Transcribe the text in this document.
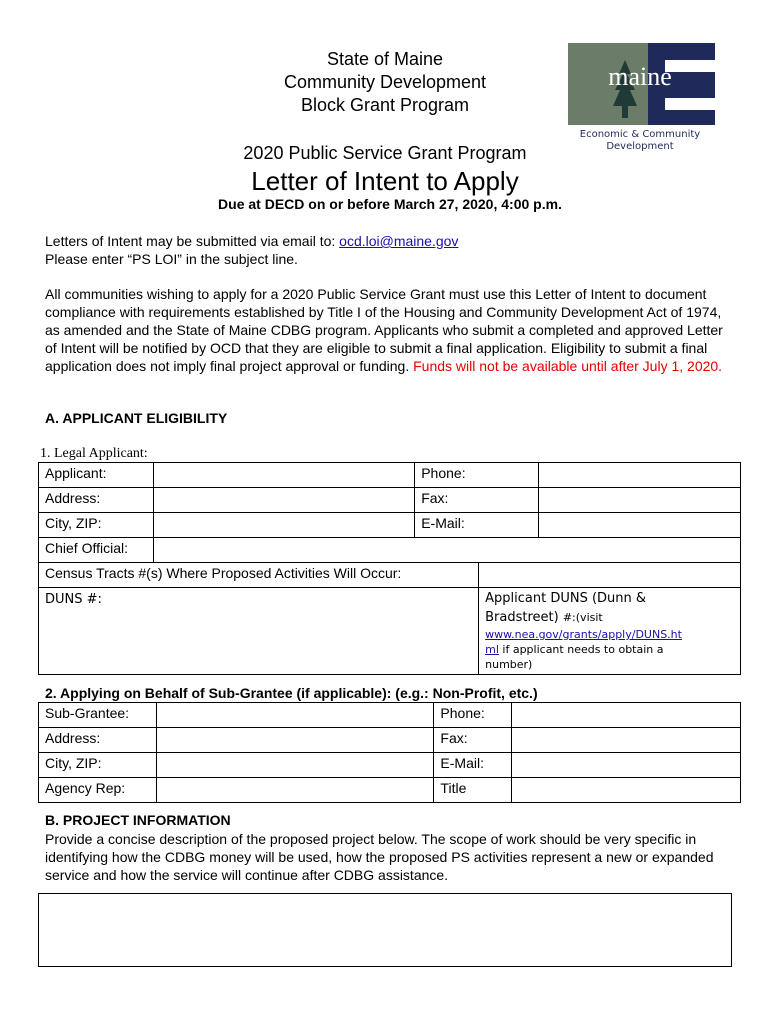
State of Maine
Community Development
Block Grant Program
2020 Public Service Grant Program
Letter of Intent to Apply
Due at DECD on or before March 27, 2020, 4:00 p.m.
maine
Economic & Community
Development
Letters of Intent may be submitted via email to: ocd.loi@maine.gov
Please enter “PS LOI” in the subject line.
All communities wishing to apply for a 2020 Public Service Grant must use this Letter of Intent to document compliance with requirements established by Title I of the Housing and Community Development Act of 1974, as amended and the State of Maine CDBG program. Applicants who submit a completed and approved Letter of Intent will be notified by OCD that they are eligible to submit a final application. Eligibility to submit a final application does not imply final project approval or funding. Funds will not be available until after July 1, 2020.
A. APPLICANT ELIGIBILITY
1. Legal Applicant:
Applicant:		Phone:		
Address:		Fax:		
City, ZIP:		E-Mail:		
Chief Official:				
Census Tracts #(s) Where Proposed Activities Will Occur:				
DUNS #:			Applicant DUNS (Dunn &
Bradstreet) #:(visit
www.nea.gov/grants/apply/DUNS.ht
ml if applicant needs to obtain a
number)	
2. Applying on Behalf of Sub-Grantee (if applicable): (e.g.: Non-Profit, etc.)
Sub-Grantee:		Phone:	
Address:		Fax:	
City, ZIP:		E-Mail:	
Agency Rep:		Title	
B. PROJECT INFORMATION
Provide a concise description of the proposed project below. The scope of work should be very specific in identifying how the CDBG money will be used, how the proposed PS activities represent a new or expanded service and how the service will continue after CDBG assistance.
